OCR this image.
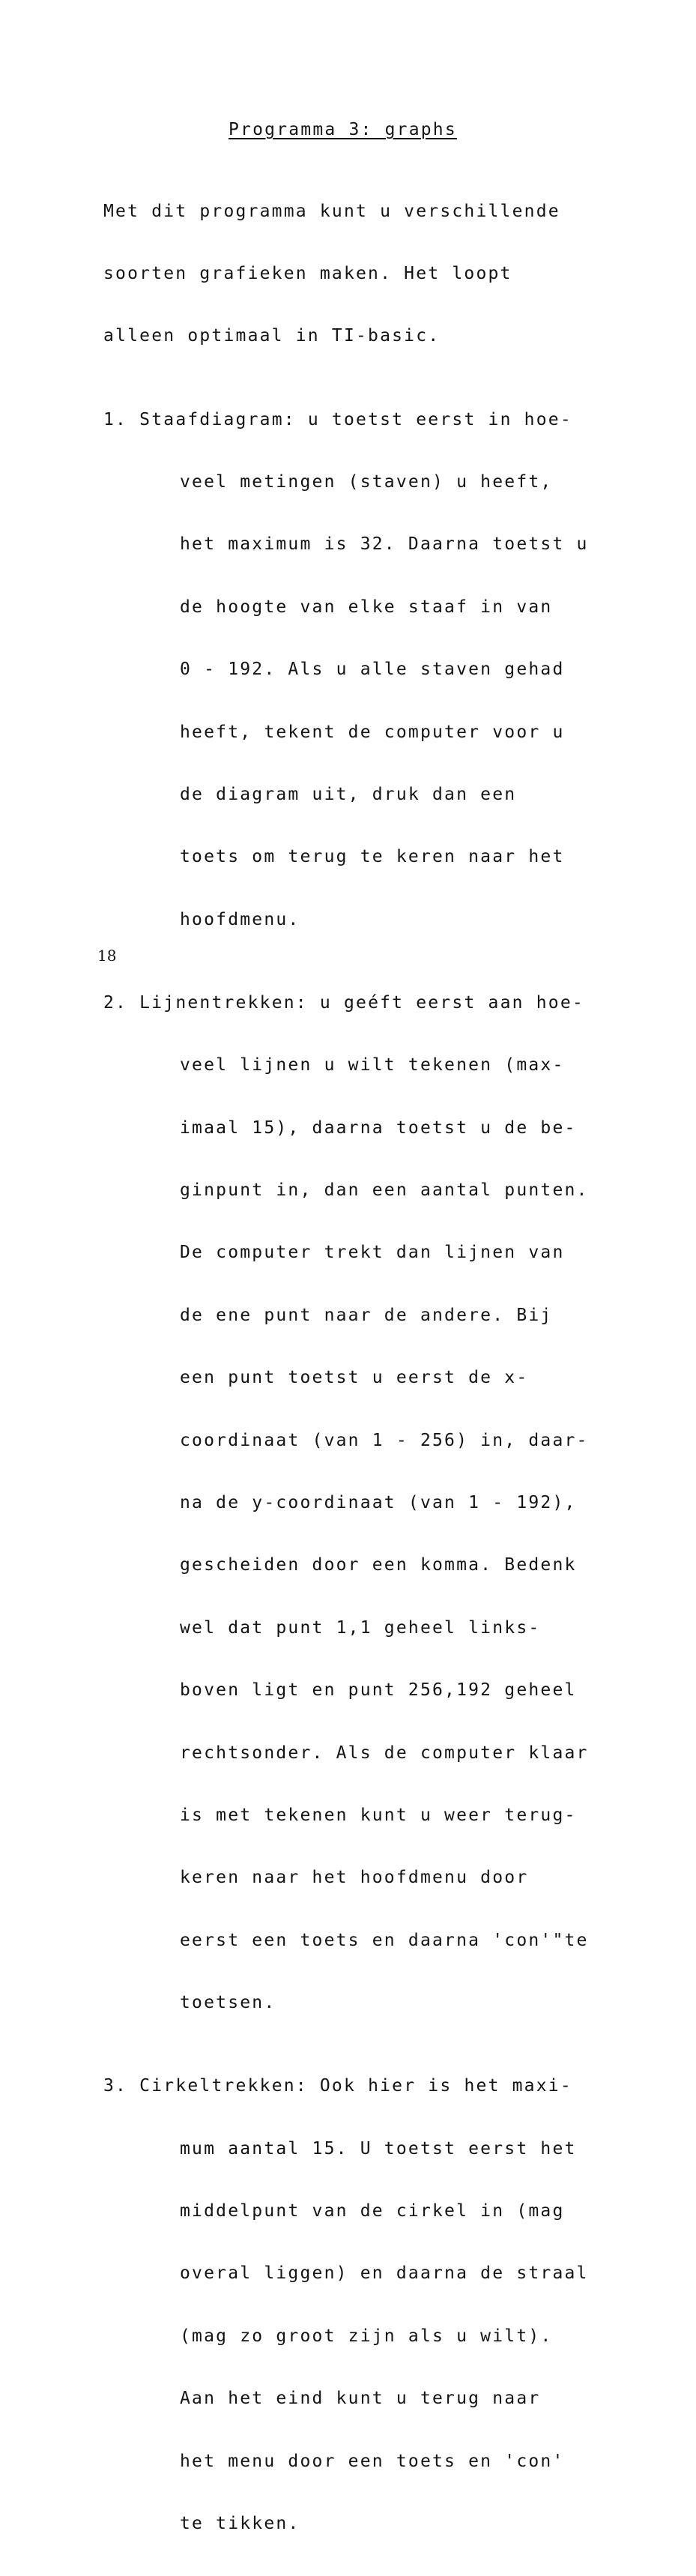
Programma 3: graphs

Met dit programma kunt u verschillende

soorten grafieken maken. Het loopt

alleen optimaal in TI-basic.

1. Staafdiagram: u toetst eerst in hoe-

veel metingen (staven) u heeft,

het maximum is 32. Daarna toetst u

de hoogte van elke staaf in van

0 - 192. Als u alle staven gehad

heeft, tekent de computer voor u

de diagram uit, druk dan een

toets om terug te keren naar het

hoofdmenu.

2. Lijnentrekken: u geéft eerst aan hoe-

veel lijnen u wilt tekenen (max-

imaal 15), daarna toetst u de be-

ginpunt in, dan een aantal punten.

De computer trekt dan lijnen van

de ene punt naar de andere. Bij

een punt toetst u eerst de x-

coordinaat (van 1 - 256) in, daar-

na de y-coordinaat (van 1 - 192),

gescheiden door een komma. Bedenk

wel dat punt 1,1 geheel links-

boven ligt en punt 256,192 geheel

rechtsonder. Als de computer klaar

is met tekenen kunt u weer terug-

keren naar het hoofdmenu door

eerst een toets en daarna 'con'"te

toetsen.

3. Cirkeltrekken: Ook hier is het maxi-

mum aantal 15. U toetst eerst het

middelpunt van de cirkel in (mag

overal liggen) en daarna de straal

(mag zo groot zijn als u wilt).

Aan het eind kunt u terug naar

het menu door een toets en 'con'

te tikken.

18
